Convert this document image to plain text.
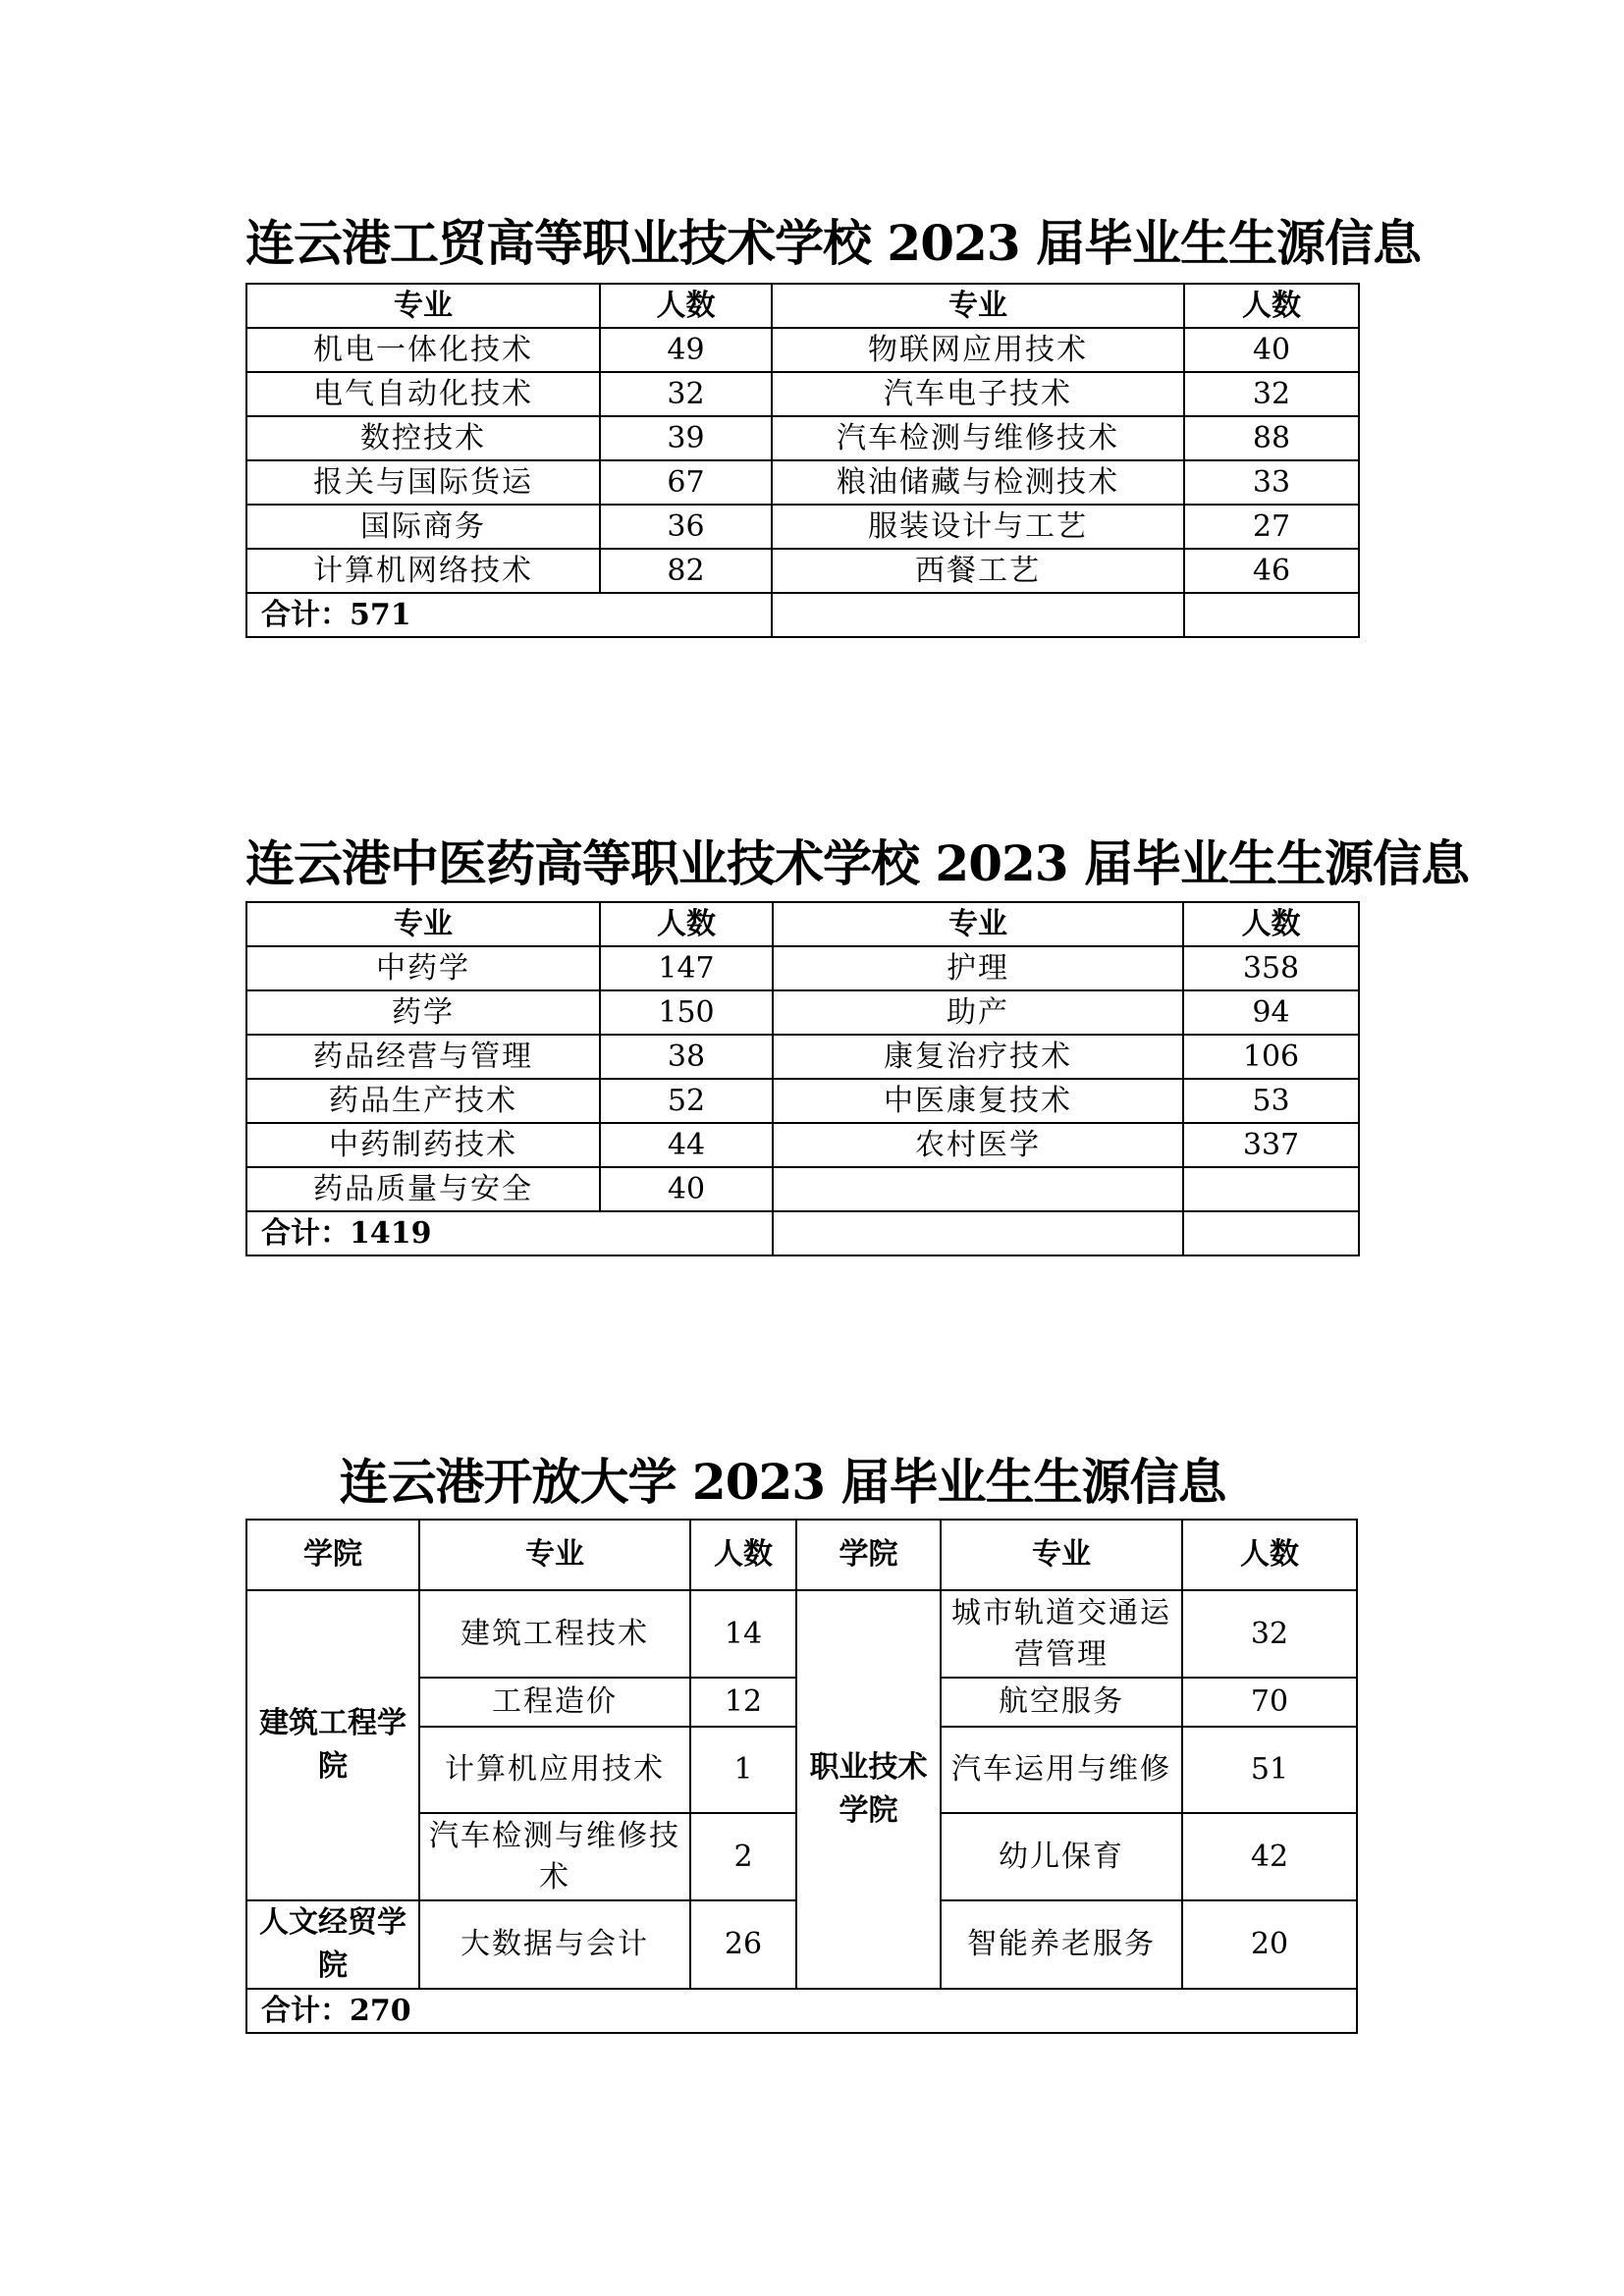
连云港工贸高等职业技术学校 2023 届毕业生生源信息
专业	人数	专业	人数
机电一体化技术	49	物联网应用技术	40
电气自动化技术	32	汽车电子技术	32
数控技术	39	汽车检测与维修技术	88
报关与国际货运	67	粮油储藏与检测技术	33
国际商务	36	服装设计与工艺	27
计算机网络技术	82	西餐工艺	46
合计：571			
连云港中医药高等职业技术学校 2023 届毕业生生源信息
专业	人数	专业	人数
中药学	147	护理	358
药学	150	助产	94
药品经营与管理	38	康复治疗技术	106
药品生产技术	52	中医康复技术	53
中药制药技术	44	农村医学	337
药品质量与安全	40		
合计：1419			
连云港开放大学 2023 届毕业生生源信息
学院	专业	人数	学院	专业	人数
建筑工程学院	建筑工程技术	14	职业技术学院	城市轨道交通运营管理	32
	工程造价	12		航空服务	70
	计算机应用技术	1		汽车运用与维修	51
	汽车检测与维修技术	2		幼儿保育	42
人文经贸学院	大数据与会计	26		智能养老服务	20
合计：270					
